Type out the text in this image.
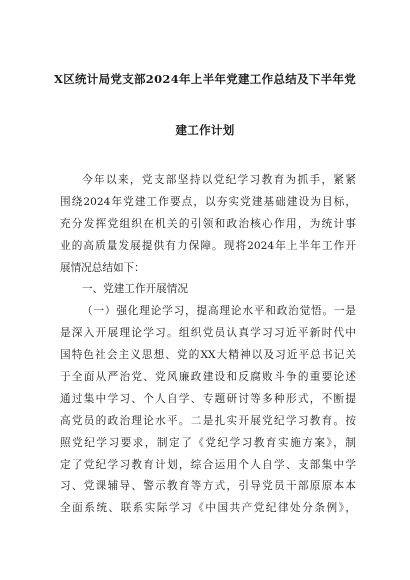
X区统计局党支部2024年上半年党建工作总结及下半年党
建工作计划
今年以来，党支部坚持以党纪学习教育为抓手，紧紧
围绕2024年党建工作要点，以夯实党建基础建设为目标，
充分发挥党组织在机关的引领和政治核心作用，为统计事
业的高质量发展提供有力保障。现将2024年上半年工作开
展情况总结如下：
一、党建工作开展情况
（一）强化理论学习，提高理论水平和政治觉悟。一是
是深入开展理论学习。组织党员认真学习习近平新时代中
国特色社会主义思想、党的XX大精神以及习近平总书记关
于全面从严治党、党风廉政建设和反腐败斗争的重要论述
通过集中学习、个人自学、专题研讨等多种形式，不断提
高党员的政治理论水平。二是扎实开展党纪学习教育。按
照党纪学习要求，制定了《党纪学习教育实施方案》，制
定了党纪学习教育计划，综合运用个人自学、支部集中学
习、党课辅导、警示教育等方式，引导党员干部原原本本
全面系统、联系实际学习《中国共产党纪律处分条例》，
